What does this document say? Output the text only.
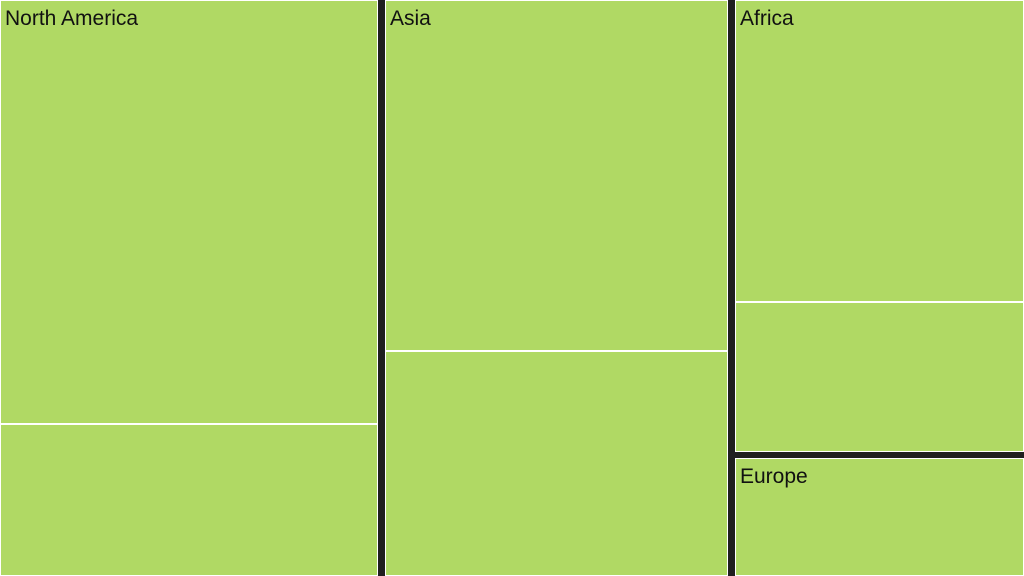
North America	Asia	Africa
Europe
